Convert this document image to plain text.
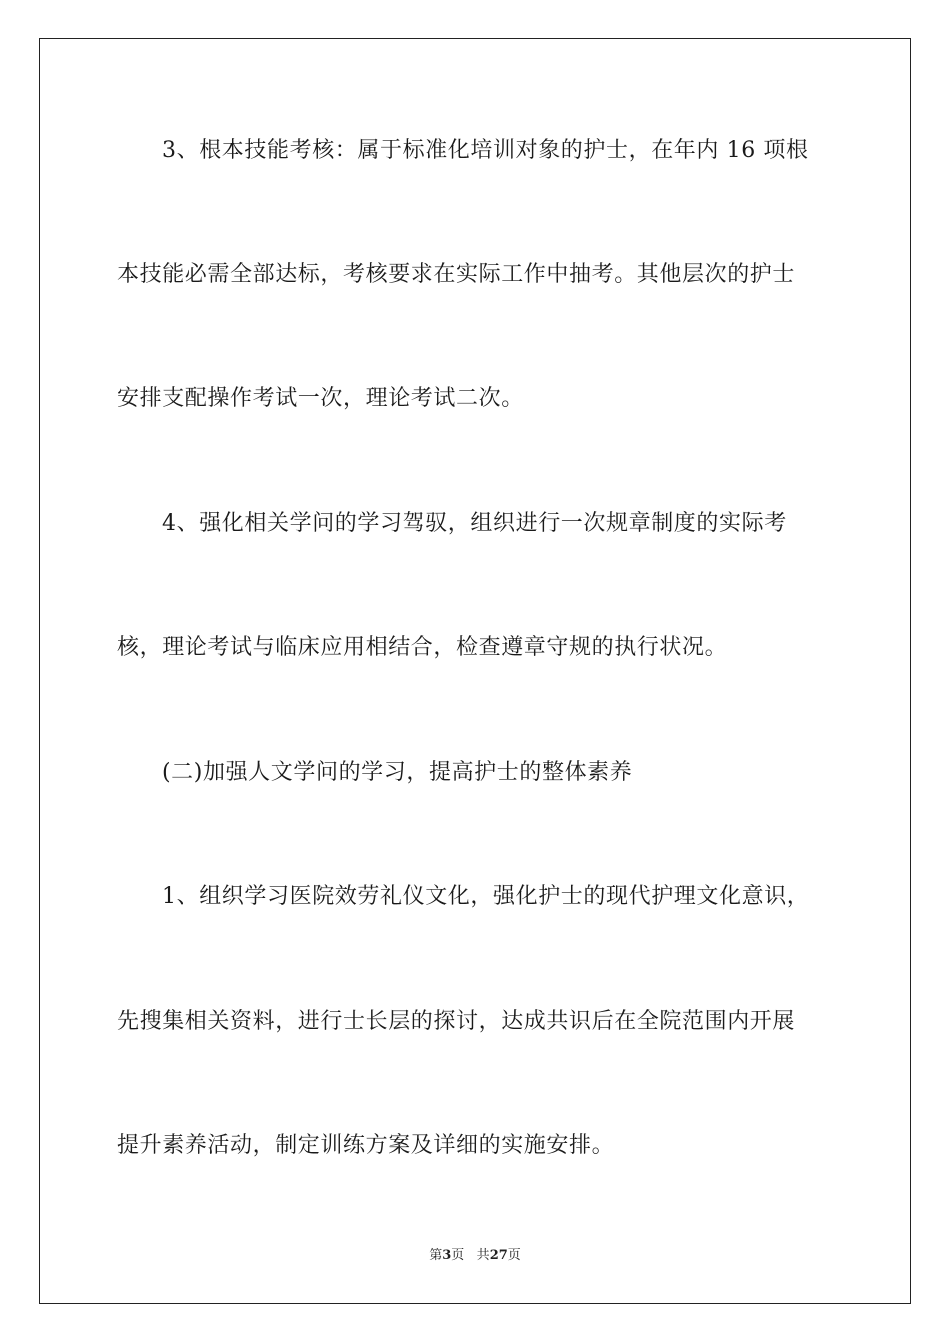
3、根本技能考核：属于标准化培训对象的护士，在年内 16 项根
本技能必需全部达标，考核要求在实际工作中抽考。其他层次的护士
安排支配操作考试一次，理论考试二次。
4、强化相关学问的学习驾驭，组织进行一次规章制度的实际考
核，理论考试与临床应用相结合，检查遵章守规的执行状况。
(二)加强人文学问的学习，提高护士的整体素养
1、组织学习医院效劳礼仪文化，强化护士的现代护理文化意识，
先搜集相关资料，进行士长层的探讨，达成共识后在全院范围内开展
提升素养活动，制定训练方案及详细的实施安排。
第3页 共27页
